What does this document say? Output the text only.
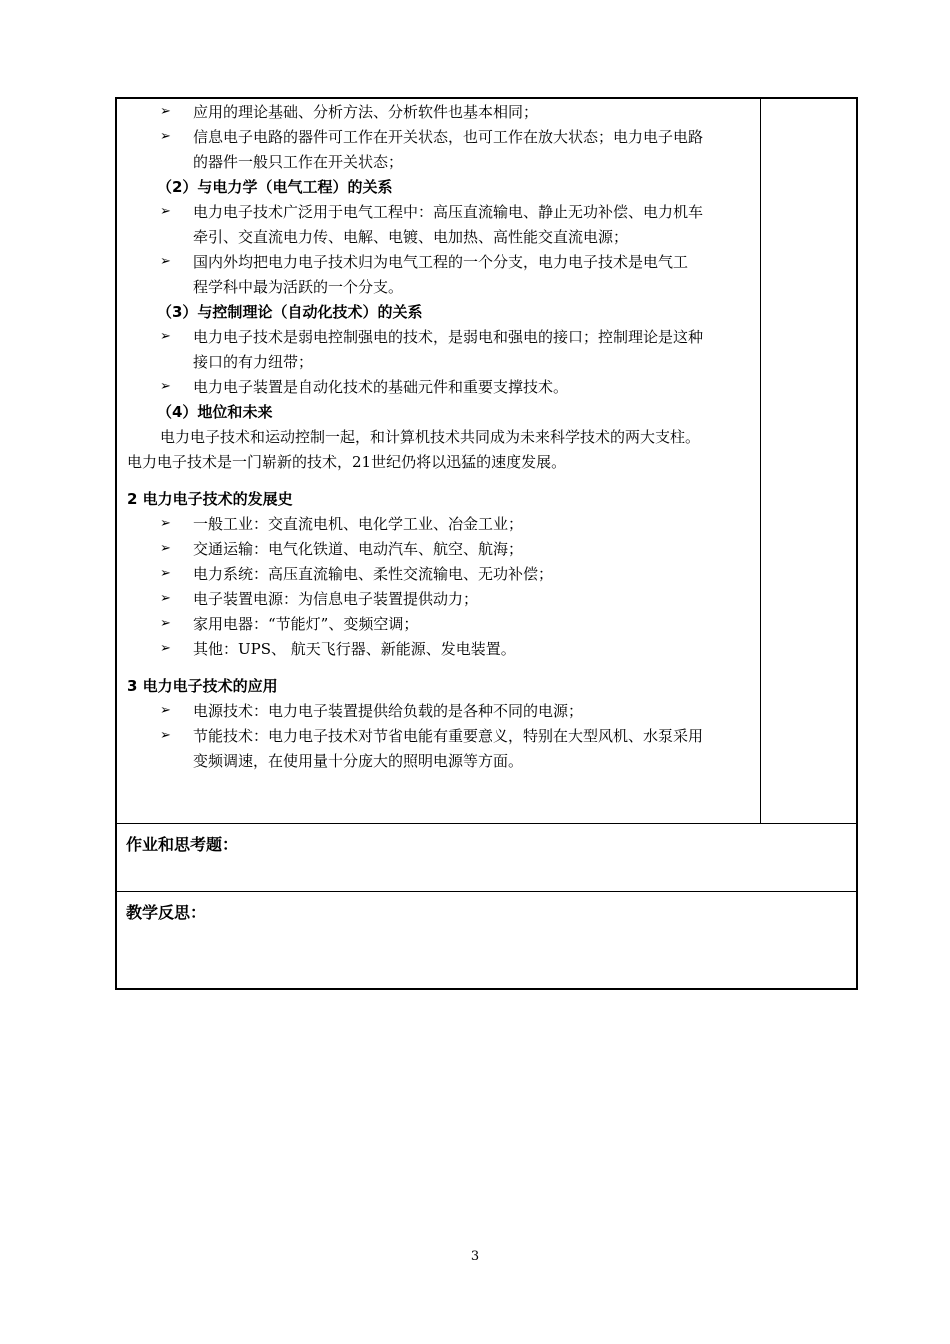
➢ 应用的理论基础、分析方法、分析软件也基本相同；
➢ 信息电子电路的器件可工作在开关状态，也可工作在放大状态；电力电子电路
的器件一般只工作在开关状态；
（2）与电力学（电气工程）的关系
➢ 电力电子技术广泛用于电气工程中：高压直流输电、静止无功补偿、电力机车
牵引、交直流电力传、电解、电镀、电加热、高性能交直流电源；
➢ 国内外均把电力电子技术归为电气工程的一个分支，电力电子技术是电气工
程学科中最为活跃的一个分支。
（3）与控制理论（自动化技术）的关系
➢ 电力电子技术是弱电控制强电的技术，是弱电和强电的接口；控制理论是这种
接口的有力纽带；
➢ 电力电子装置是自动化技术的基础元件和重要支撑技术。
（4）地位和未来
电力电子技术和运动控制一起，和计算机技术共同成为未来科学技术的两大支柱。
电力电子技术是一门崭新的技术，21世纪仍将以迅猛的速度发展。
2 电力电子技术的发展史
➢ 一般工业：交直流电机、电化学工业、冶金工业；
➢ 交通运输：电气化铁道、电动汽车、航空、航海；
➢ 电力系统：高压直流输电、柔性交流输电、无功补偿；
➢ 电子装置电源：为信息电子装置提供动力；
➢ 家用电器：“节能灯”、变频空调；
➢ 其他：UPS、 航天飞行器、新能源、发电装置。
3 电力电子技术的应用
➢ 电源技术：电力电子装置提供给负载的是各种不同的电源；
➢ 节能技术：电力电子技术对节省电能有重要意义，特别在大型风机、水泵采用
变频调速，在使用量十分庞大的照明电源等方面。
作业和思考题：
教学反思：
3
